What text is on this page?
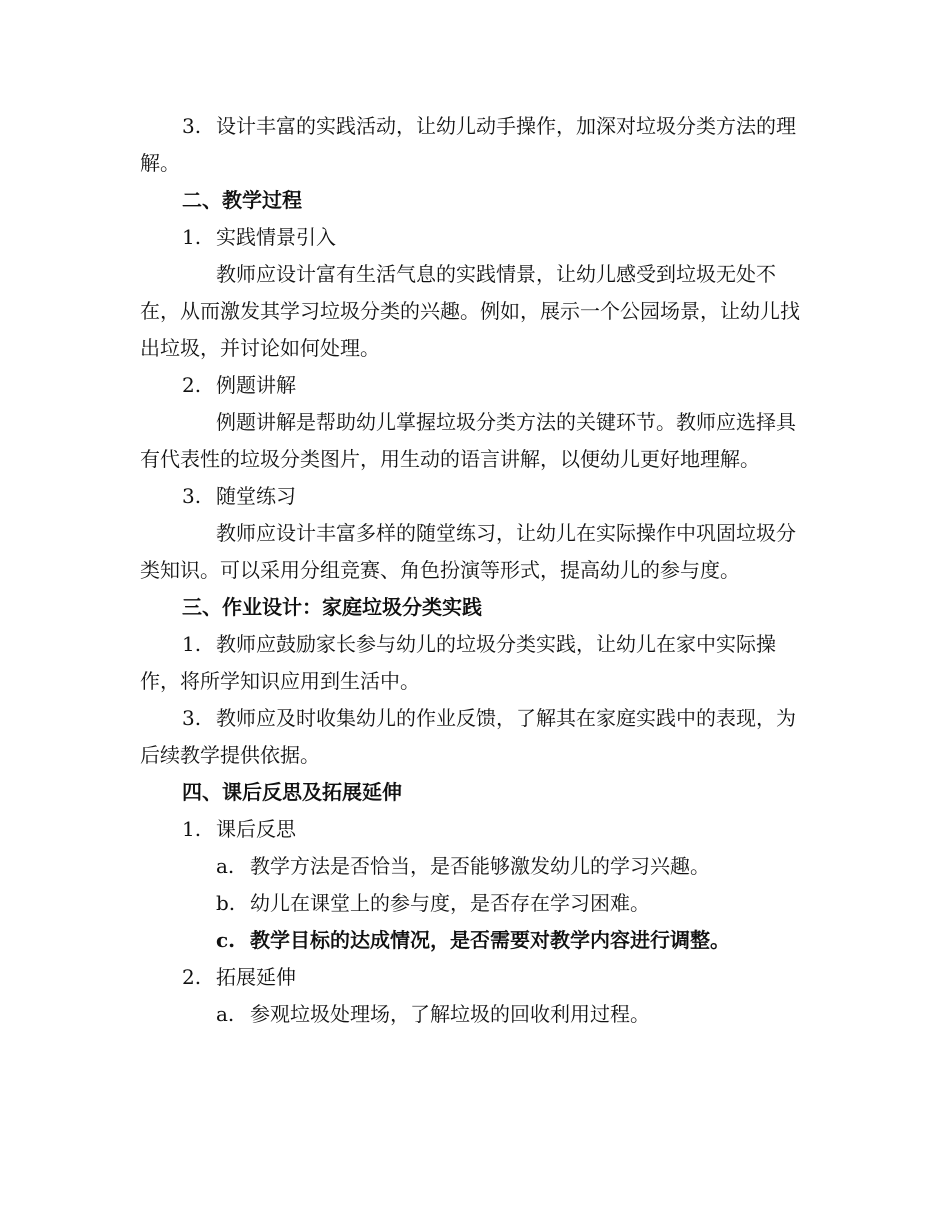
3. 设计丰富的实践活动，让幼儿动手操作，加深对垃圾分类方法的理解。

二、教学过程

1. 实践情景引入

教师应设计富有生活气息的实践情景，让幼儿感受到垃圾无处不在，从而激发其学习垃圾分类的兴趣。例如，展示一个公园场景，让幼儿找出垃圾，并讨论如何处理。

2. 例题讲解

例题讲解是帮助幼儿掌握垃圾分类方法的关键环节。教师应选择具有代表性的垃圾分类图片，用生动的语言讲解，以便幼儿更好地理解。

3. 随堂练习

教师应设计丰富多样的随堂练习，让幼儿在实际操作中巩固垃圾分类知识。可以采用分组竞赛、角色扮演等形式，提高幼儿的参与度。

三、作业设计：家庭垃圾分类实践

1. 教师应鼓励家长参与幼儿的垃圾分类实践，让幼儿在家中实际操作，将所学知识应用到生活中。

3. 教师应及时收集幼儿的作业反馈，了解其在家庭实践中的表现，为后续教学提供依据。

四、课后反思及拓展延伸

1. 课后反思

a. 教学方法是否恰当，是否能够激发幼儿的学习兴趣。

b. 幼儿在课堂上的参与度，是否存在学习困难。

c. 教学目标的达成情况，是否需要对教学内容进行调整。

2. 拓展延伸

a. 参观垃圾处理场，了解垃圾的回收利用过程。
